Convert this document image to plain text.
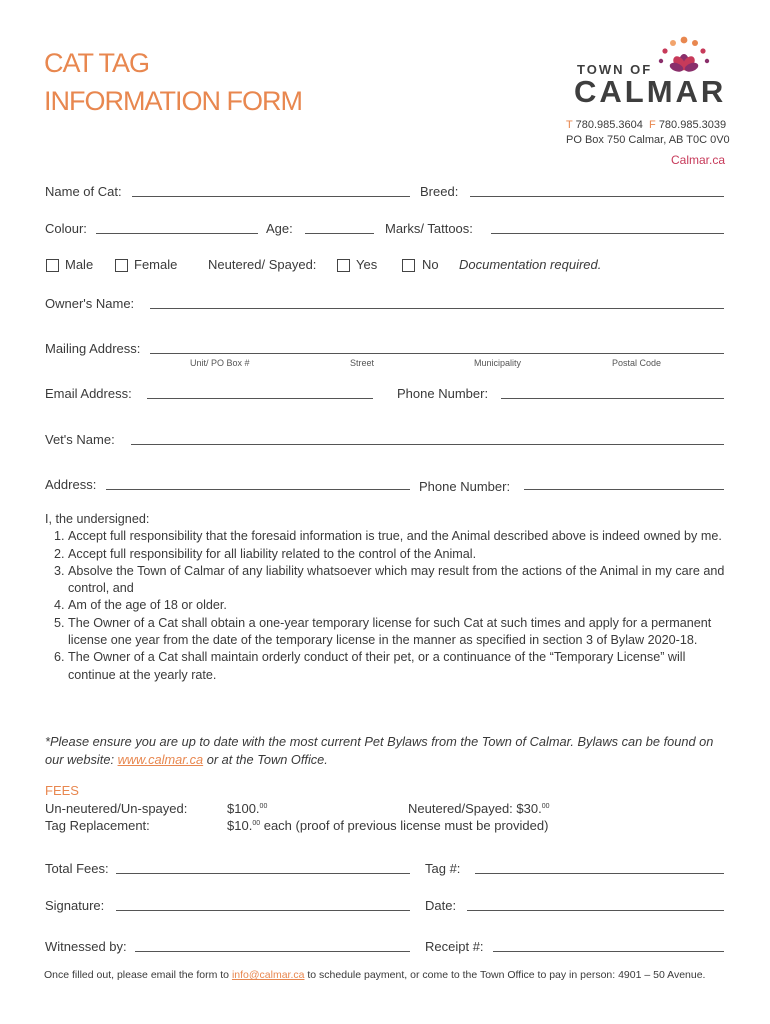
CAT TAG
INFORMATION FORM
TOWN OF
CALMAR
T 780.985.3604 F 780.985.3039
PO Box 750 Calmar, AB T0C 0V0
Calmar.ca
Name of Cat:	Breed:
Colour:	Age:	Marks/ Tattoos:
Male	Female Neutered/ Spayed:	Yes	No Documentation required.
Owner's Name:
Mailing Address:
Unit/ PO Box #	Street	Municipality	Postal Code
Email Address:	Phone Number:
Vet's Name:
Address:	Phone Number:
I, the undersigned:
1. Accept full responsibility that the foresaid information is true, and the Animal described above is indeed owned by me.
2. Accept full responsibility for all liability related to the control of the Animal.
3. Absolve the Town of Calmar of any liability whatsoever which may result from the actions of the Animal in my care and control, and
4. Am of the age of 18 or older.
5. The Owner of a Cat shall obtain a one-year temporary license for such Cat at such times and apply for a permanent license one year from the date of the temporary license in the manner as specified in section 3 of Bylaw 2020-18.
6. The Owner of a Cat shall maintain orderly conduct of their pet, or a continuance of the “Temporary License” will continue at the yearly rate.
*Please ensure you are up to date with the most current Pet Bylaws from the Town of Calmar. Bylaws can be found on our website: www.calmar.ca or at the Town Office.
FEES
Un-neutered/Un-spayed:	$100.00	Neutered/Spayed: $30.00
Tag Replacement:	$10.00 each (proof of previous license must be provided)
Total Fees:	Tag #:
Signature:	Date:
Witnessed by:	Receipt #:
Once filled out, please email the form to info@calmar.ca to schedule payment, or come to the Town Office to pay in person: 4901 – 50 Avenue.
